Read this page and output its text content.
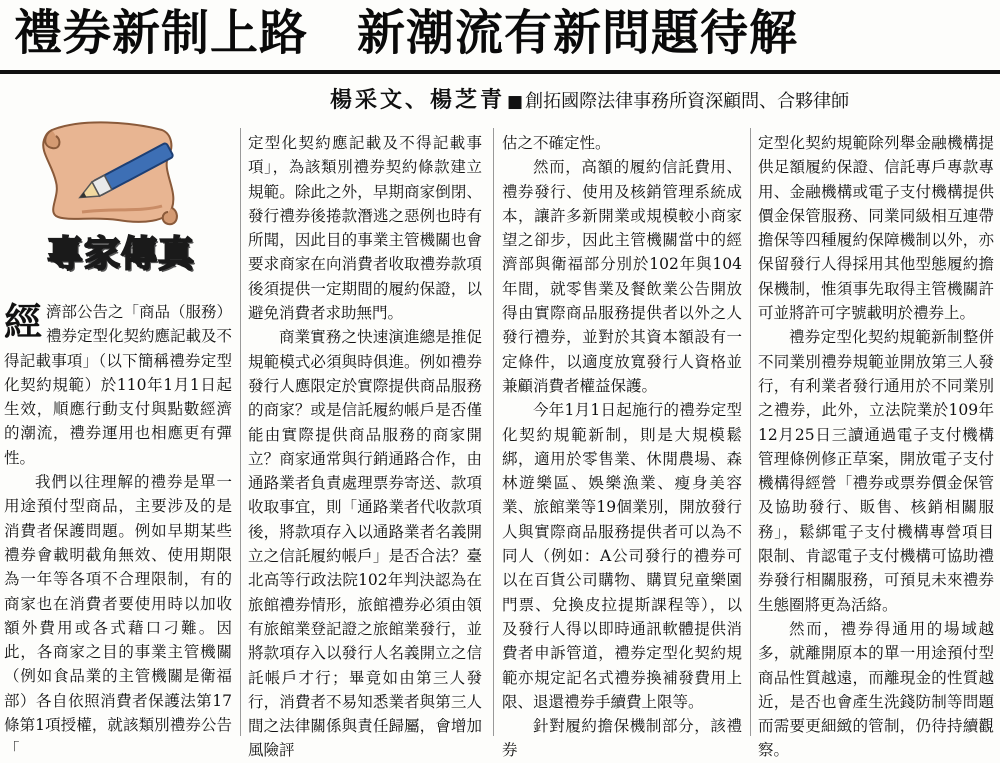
禮券新制上路　新潮流有新問題待解
楊采文、楊芝青 ■ 創拓國際法律事務所資深顧問、合夥律師
專家傳真
經 濟部公告之「商品（服務）禮券定型化契約應記載及不得記載事項」（以下簡稱禮券定型化契約規範）於110年1月1日起生效，順應行動支付與點數經濟的潮流，禮券運用也相應更有彈性。

我們以往理解的禮券是單一用途預付型商品，主要涉及的是消費者保護問題。例如早期某些禮券會載明截角無效、使用期限為一年等各項不合理限制，有的商家也在消費者要使用時以加收額外費用或各式藉口刁難。因此，各商家之目的事業主管機關（例如食品業的主管機關是衛福部）各自依照消費者保護法第17條第1項授權，就該類別禮券公告「

定型化契約應記載及不得記載事項」，為該類別禮券契約條款建立規範。除此之外，早期商家倒閉、發行禮券後捲款潛逃之惡例也時有所聞，因此目的事業主管機關也會要求商家在向消費者收取禮券款項後須提供一定期間的履約保證，以避免消費者求助無門。

商業實務之快速演進總是推促規範模式必須與時俱進。例如禮券發行人應限定於實際提供商品服務的商家？或是信託履約帳戶是否僅能由實際提供商品服務的商家開立？商家通常與行銷通路合作，由通路業者負責處理票券寄送、款項收取事宜，則「通路業者代收款項後，將款項存入以通路業者名義開立之信託履約帳戶」是否合法？臺北高等行政法院102年判決認為在旅館禮券情形，旅館禮券必須由領有旅館業登記證之旅館業發行，並將款項存入以發行人名義開立之信託帳戶才行；畢竟如由第三人發行，消費者不易知悉業者與第三人間之法律關係與責任歸屬，會增加風險評

估之不確定性。

然而，高額的履約信託費用、禮券發行、使用及核銷管理系統成本，讓許多新開業或規模較小商家望之卻步，因此主管機關當中的經濟部與衛福部分別於102年與104年間，就零售業及餐飲業公告開放得由實際商品服務提供者以外之人發行禮券，並對於其資本額設有一定條件，以適度放寬發行人資格並兼顧消費者權益保護。

今年1月1日起施行的禮券定型化契約規範新制，則是大規模鬆綁，適用於零售業、休閒農場、森林遊樂區、娛樂漁業、瘦身美容業、旅館業等19個業別，開放發行人與實際商品服務提供者可以為不同人（例如：A公司發行的禮券可以在百貨公司購物、購買兒童樂園門票、兌換皮拉提斯課程等），以及發行人得以即時通訊軟體提供消費者申訴管道，禮券定型化契約規範亦規定記名式禮券換補發費用上限、退還禮券手續費上限等。

針對履約擔保機制部分，該禮券

定型化契約規範除列舉金融機構提供足額履約保證、信託專戶專款專用、金融機構或電子支付機構提供價金保管服務、同業同級相互連帶擔保等四種履約保障機制以外，亦保留發行人得採用其他型態履約擔保機制，惟須事先取得主管機關許可並將許可字號載明於禮券上。

禮券定型化契約規範新制整併不同業別禮券規範並開放第三人發行，有利業者發行通用於不同業別之禮券，此外，立法院業於109年12月25日三讀通過電子支付機構管理條例修正草案，開放電子支付機構得經營「禮券或票券價金保管及協助發行、販售、核銷相關服務」，鬆綁電子支付機構專營項目限制、肯認電子支付機構可協助禮券發行相關服務，可預見未來禮券生態圈將更為活絡。

然而，禮券得通用的場域越多，就離開原本的單一用途預付型商品性質越遠，而離現金的性質越近，是否也會產生洗錢防制等問題而需要更細緻的管制，仍待持續觀察。
